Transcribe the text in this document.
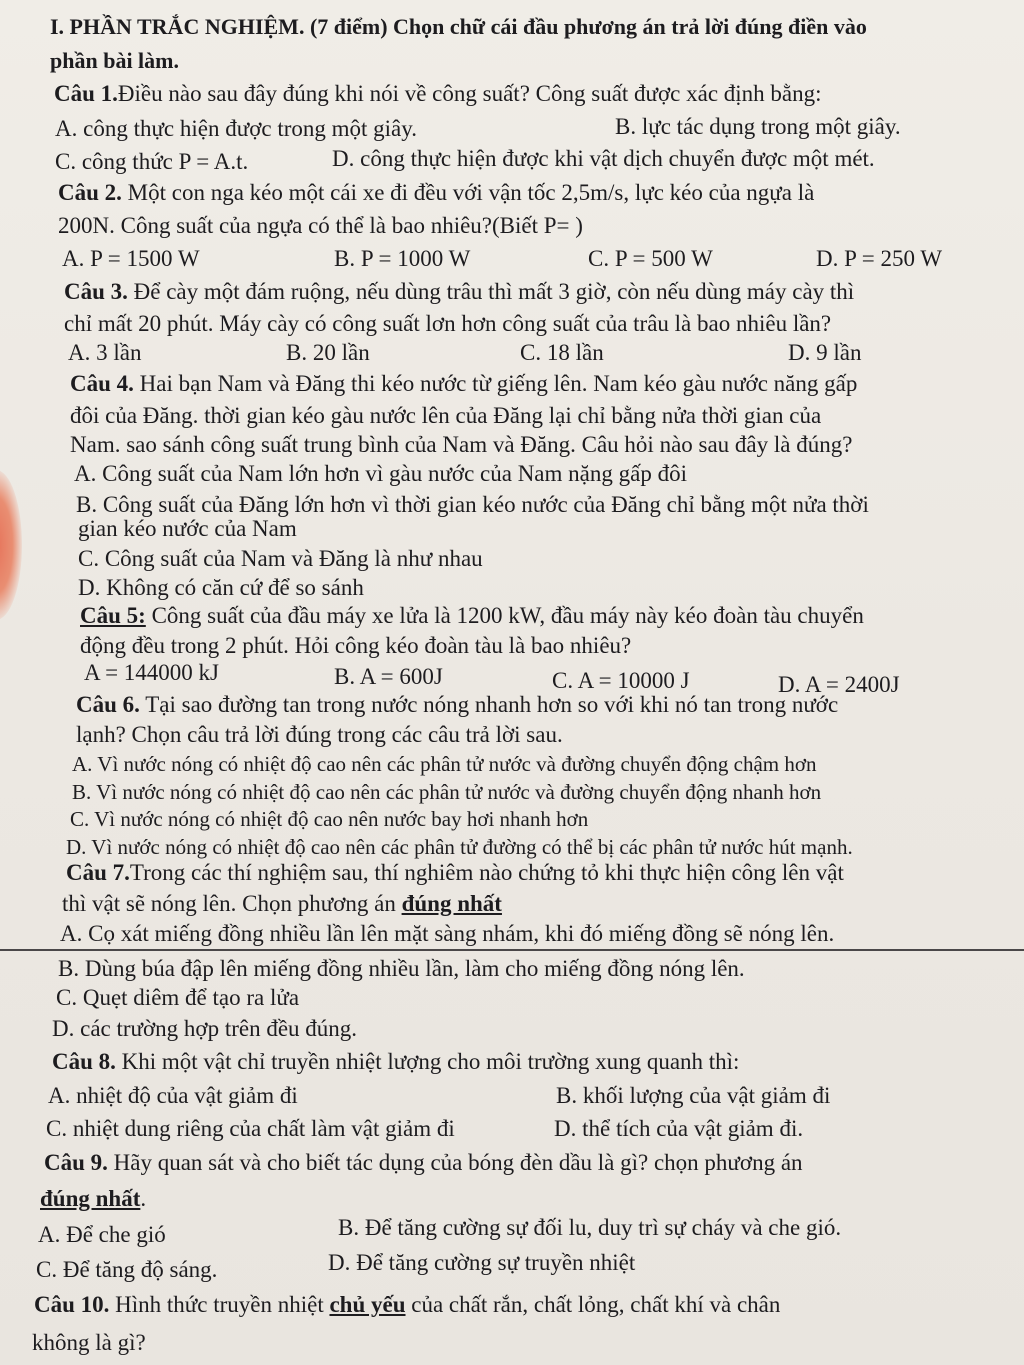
I. PHẦN TRẮC NGHIỆM. (7 điểm) Chọn chữ cái đầu phương án trả lời đúng điền vào
phần bài làm.
Câu 1.Điều nào sau đây đúng khi nói về công suất? Công suất được xác định bằng:
A. công thực hiện được trong một giây.	B. lực tác dụng trong một giây.
C. công thức P = A.t.	D. công thực hiện được khi vật dịch chuyển được một mét.
Câu 2. Một con nga kéo một cái xe đi đều với vận tốc 2,5m/s, lực kéo của ngựa là
200N. Công suất của ngựa có thể là bao nhiêu?(Biết P= )
A. P = 1500 W	B. P = 1000 W	C. P = 500 W	D. P = 250 W
Câu 3. Để cày một đám ruộng, nếu dùng trâu thì mất 3 giờ, còn nếu dùng máy cày thì
chỉ mất 20 phút. Máy cày có công suất lơn hơn công suất của trâu là bao nhiêu lần?
A. 3 lần	B. 20 lần	C. 18 lần	D. 9 lần
Câu 4. Hai bạn Nam và Đăng thi kéo nước từ giếng lên. Nam kéo gàu nước năng gấp
đôi của Đăng. thời gian kéo gàu nước lên của Đăng lại chỉ bằng nửa thời gian của
Nam. sao sánh công suất trung bình của Nam và Đăng. Câu hỏi nào sau đây là đúng?
A. Công suất của Nam lớn hơn vì gàu nước của Nam nặng gấp đôi
B. Công suất của Đăng lớn hơn vì thời gian kéo nước của Đăng chỉ bằng một nửa thời
gian kéo nước của Nam
C. Công suất của Nam và Đăng là như nhau
D. Không có căn cứ để so sánh
Câu 5: Công suất của đầu máy xe lửa là 1200 kW, đầu máy này kéo đoàn tàu chuyển
động đều trong 2 phút. Hỏi công kéo đoàn tàu là bao nhiêu?
A = 144000 kJ	B. A = 600J	C. A = 10000 J	D. A = 2400J
Câu 6. Tại sao đường tan trong nước nóng nhanh hơn so với khi nó tan trong nước
lạnh? Chọn câu trả lời đúng trong các câu trả lời sau.
A. Vì nước nóng có nhiệt độ cao nên các phân tử nước và đường chuyển động chậm hơn
B. Vì nước nóng có nhiệt độ cao nên các phân tử nước và đường chuyển động nhanh hơn
C. Vì nước nóng có nhiệt độ cao nên nước bay hơi nhanh hơn
D. Vì nước nóng có nhiệt độ cao nên các phân tử đường có thể bị các phân tử nước hút mạnh.
Câu 7.Trong các thí nghiệm sau, thí nghiêm nào chứng tỏ khi thực hiện công lên vật
thì vật sẽ nóng lên. Chọn phương án đúng nhất
A. Cọ xát miếng đồng nhiều lần lên mặt sàng nhám, khi đó miếng đồng sẽ nóng lên.
B. Dùng búa đập lên miếng đồng nhiều lần, làm cho miếng đồng nóng lên.
C. Quẹt diêm để tạo ra lửa
D. các trường hợp trên đều đúng.
Câu 8. Khi một vật chỉ truyền nhiệt lượng cho môi trường xung quanh thì:
A. nhiệt độ của vật giảm đi	B. khối lượng của vật giảm đi
C. nhiệt dung riêng của chất làm vật giảm đi	D. thể tích của vật giảm đi.
Câu 9. Hãy quan sát và cho biết tác dụng của bóng đèn dầu là gì? chọn phương án
đúng nhất.
A. Để che gió	B. Để tăng cường sự đối lu, duy trì sự cháy và che gió.
C. Để tăng độ sáng.	D. Để tăng cường sự truyền nhiệt
Câu 10. Hình thức truyền nhiệt chủ yếu của chất rắn, chất lỏng, chất khí và chân
không là gì?
